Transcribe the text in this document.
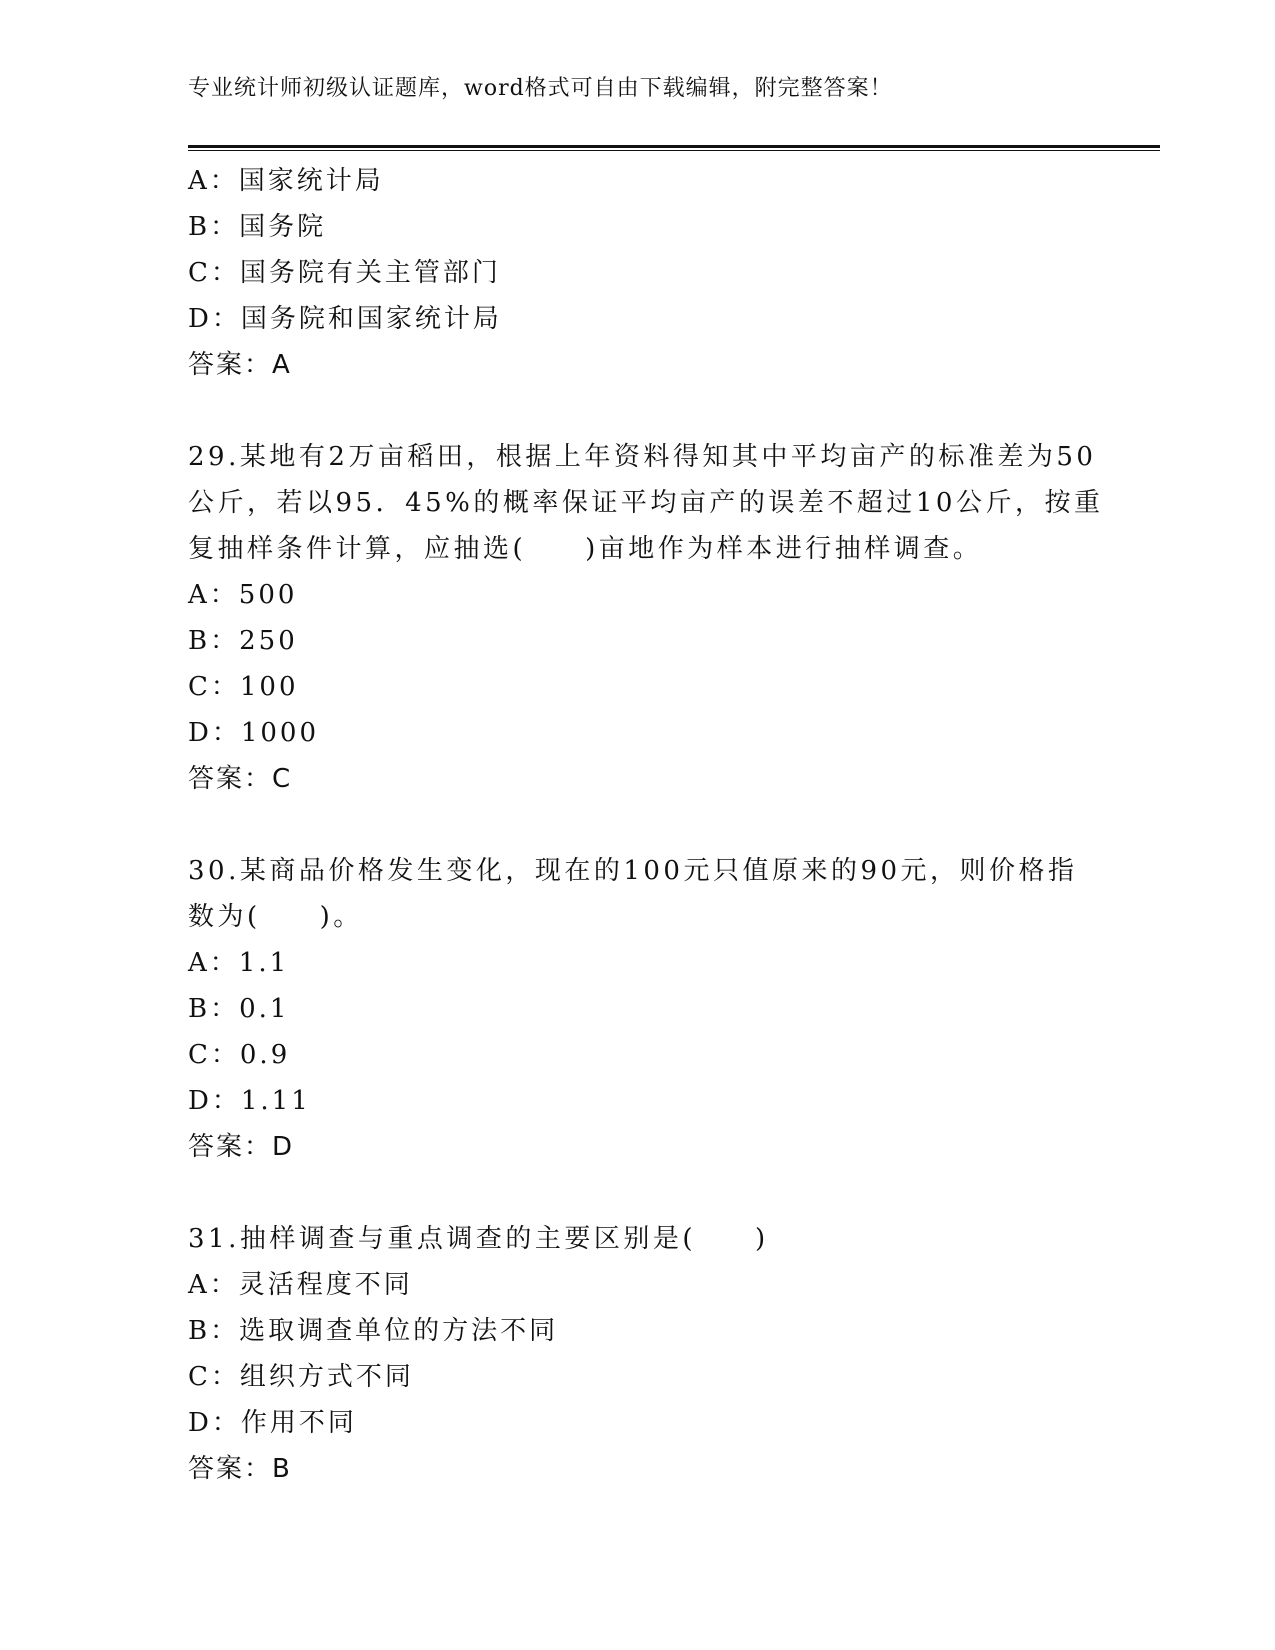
专业统计师初级认证题库，word格式可自由下载编辑，附完整答案！
A：国家统计局
B：国务院
C：国务院有关主管部门
D：国务院和国家统计局
答案：A
29.某地有2万亩稻田，根据上年资料得知其中平均亩产的标准差为50
公斤，若以95．45%的概率保证平均亩产的误差不超过10公斤，按重
复抽样条件计算，应抽选(　　)亩地作为样本进行抽样调查。
A：500
B：250
C：100
D：1000
答案：C
30.某商品价格发生变化，现在的100元只值原来的90元，则价格指
数为(　　)。
A：1.1
B：0.1
C：0.9
D：1.11
答案：D
31.抽样调查与重点调查的主要区别是(　　)
A：灵活程度不同
B：选取调查单位的方法不同
C：组织方式不同
D：作用不同
答案：B
